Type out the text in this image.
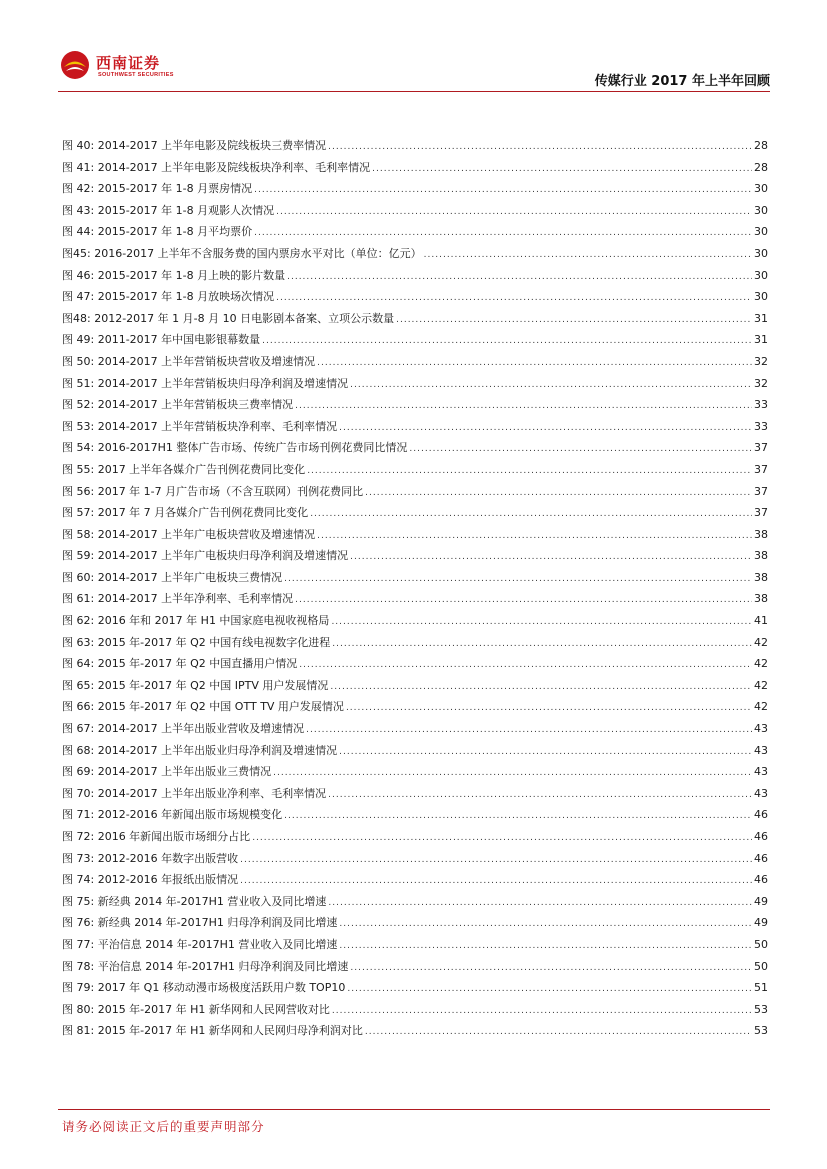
西南证券
SOUTHWEST SECURITIES	传媒行业 2017 年上半年回顾
图 40: 2014-2017 上半年电影及院线板块三费率情况 .....	28
图 41: 2014-2017 上半年电影及院线板块净利率、毛利率情况 .....	28
图 42: 2015-2017 年 1-8 月票房情况 .....	30
图 43: 2015-2017 年 1-8 月观影人次情况 .....	30
图 44: 2015-2017 年 1-8 月平均票价 .....	30
图45: 2016-2017 上半年不含服务费的国内票房水平对比（单位：亿元） .....	30
图 46: 2015-2017 年 1-8 月上映的影片数量 .....	30
图 47: 2015-2017 年 1-8 月放映场次情况 .....	30
图48: 2012-2017 年 1 月-8 月 10 日电影剧本备案、立项公示数量 .....	31
图 49: 2011-2017 年中国电影银幕数量 .....	31
图 50: 2014-2017 上半年营销板块营收及增速情况 .....	32
图 51: 2014-2017 上半年营销板块归母净利润及增速情况 .....	32
图 52: 2014-2017 上半年营销板块三费率情况 .....	33
图 53: 2014-2017 上半年营销板块净利率、毛利率情况 .....	33
图 54: 2016-2017H1 整体广告市场、传统广告市场刊例花费同比情况 .....	37
图 55: 2017 上半年各媒介广告刊例花费同比变化 .....	37
图 56: 2017 年 1-7 月广告市场（不含互联网）刊例花费同比 .....	37
图 57: 2017 年 7 月各媒介广告刊例花费同比变化 .....	37
图 58: 2014-2017 上半年广电板块营收及增速情况 .....	38
图 59: 2014-2017 上半年广电板块归母净利润及增速情况 .....	38
图 60: 2014-2017 上半年广电板块三费情况 .....	38
图 61: 2014-2017 上半年净利率、毛利率情况 .....	38
图 62: 2016 年和 2017 年 H1 中国家庭电视收视格局 .....	41
图 63: 2015 年-2017 年 Q2 中国有线电视数字化进程 .....	42
图 64: 2015 年-2017 年 Q2 中国直播用户情况 .....	42
图 65: 2015 年-2017 年 Q2 中国 IPTV 用户发展情况 .....	42
图 66: 2015 年-2017 年 Q2 中国 OTT TV 用户发展情况 .....	42
图 67: 2014-2017 上半年出版业营收及增速情况 .....	43
图 68: 2014-2017 上半年出版业归母净利润及增速情况 .....	43
图 69: 2014-2017 上半年出版业三费情况 .....	43
图 70: 2014-2017 上半年出版业净利率、毛利率情况 .....	43
图 71: 2012-2016 年新闻出版市场规模变化 .....	46
图 72: 2016 年新闻出版市场细分占比 .....	46
图 73: 2012-2016 年数字出版营收 .....	46
图 74: 2012-2016 年报纸出版情况 .....	46
图 75: 新经典 2014 年-2017H1 营业收入及同比增速 .....	49
图 76: 新经典 2014 年-2017H1 归母净利润及同比增速 .....	49
图 77: 平治信息 2014 年-2017H1 营业收入及同比增速 .....	50
图 78: 平治信息 2014 年-2017H1 归母净利润及同比增速 .....	50
图 79: 2017 年 Q1 移动动漫市场极度活跃用户数 TOP10 .....	51
图 80: 2015 年-2017 年 H1 新华网和人民网营收对比 .....	53
图 81: 2015 年-2017 年 H1 新华网和人民网归母净利润对比 .....	53
请务必阅读正文后的重要声明部分
